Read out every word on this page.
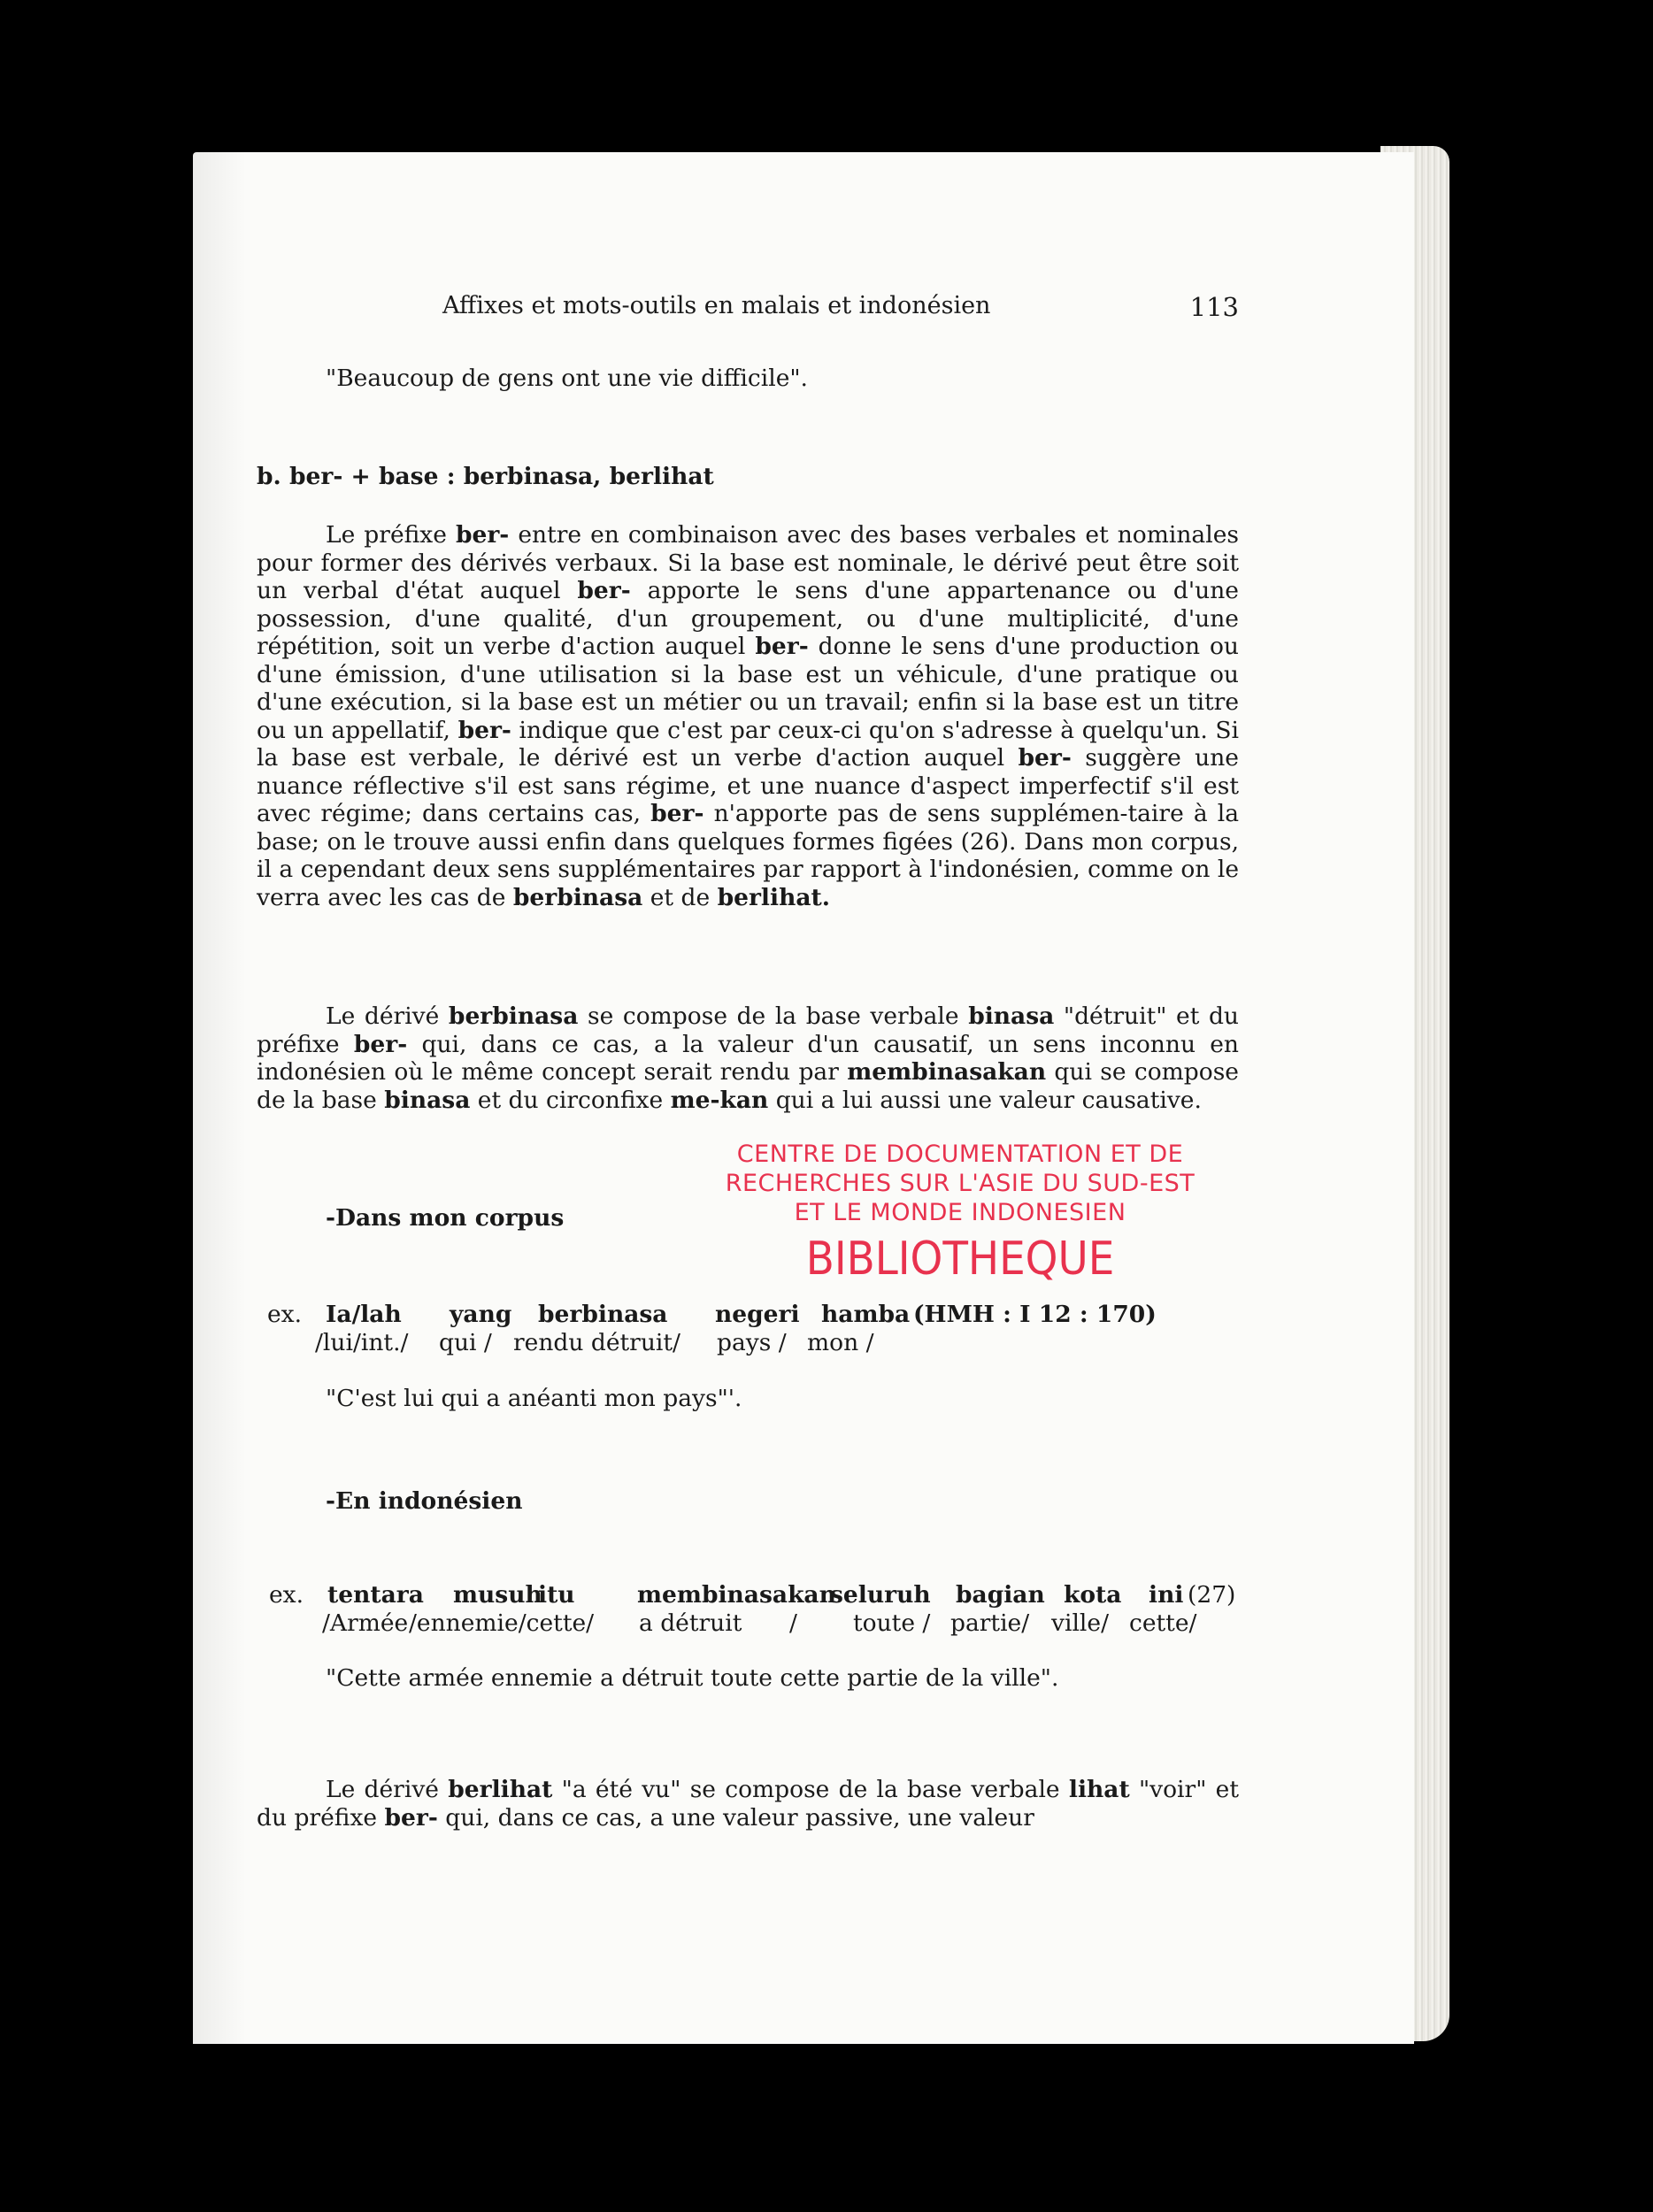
Affixes et mots-outils en malais et indonésien	113
"Beaucoup de gens ont une vie difficile".
b. ber- + base : berbinasa, berlihat
Le préfixe ber- entre en combinaison avec des bases verbales et nominales pour former des dérivés verbaux. Si la base est nominale, le dérivé peut être soit un verbal d'état auquel ber- apporte le sens d'une appartenance ou d'une possession, d'une qualité, d'un groupement, ou d'une multiplicité, d'une répétition, soit un verbe d'action auquel ber- donne le sens d'une production ou d'une émission, d'une utilisation si la base est un véhicule, d'une pratique ou d'une exécution, si la base est un métier ou un travail; enfin si la base est un titre ou un appellatif, ber- indique que c'est par ceux-ci qu'on s'adresse à quelqu'un. Si la base est verbale, le dérivé est un verbe d'action auquel ber- suggère une nuance réflective s'il est sans régime, et une nuance d'aspect imperfectif s'il est avec régime; dans certains cas, ber- n'apporte pas de sens supplémen-taire à la base; on le trouve aussi enfin dans quelques formes figées (26). Dans mon corpus, il a cependant deux sens supplémentaires par rapport à l'indonésien, comme on le verra avec les cas de berbinasa et de berlihat.
Le dérivé berbinasa se compose de la base verbale binasa "détruit" et du préfixe ber- qui, dans ce cas, a la valeur d'un causatif, un sens inconnu en indonésien où le même concept serait rendu par membinasakan qui se compose de la base binasa et du circonfixe me-kan qui a lui aussi une valeur causative.
-Dans mon corpus
ex. Ia/lah yang berbinasa negeri hamba (HMH : I 12 : 170)
/lui/int./ qui / rendu détruit/ pays / mon /
"C'est lui qui a anéanti mon pays"'.
-En indonésien
ex. tentara musuh
itu	membinasakan
seluruh bagian kota ini (27)
/Armée /ennemie/cette/ a détruit / toute / partie/ ville/ cette/
"Cette armée ennemie a détruit toute cette partie de la ville".
Le dérivé berlihat "a été vu" se compose de la base verbale lihat "voir" et du préfixe ber- qui, dans ce cas, a une valeur passive, une valeur
CENTRE DE DOCUMENTATION ET DE
RECHERCHES SUR L'ASIE DU SUD-EST
ET LE MONDE INDONESIEN
BIBLIOTHEQUE
